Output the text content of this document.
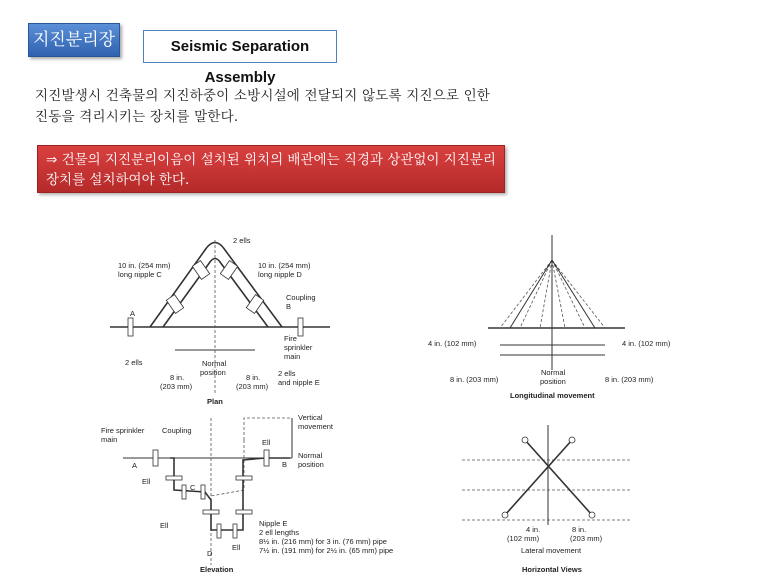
지진분리장치
Seismic Separation Assembly
지진발생시 건축물의 지진하중이 소방시설에 전달되지 않도록 지진으로 인한 진동을 격리시키는 장치를 말한다.
⇒ 건물의 지진분리이음이 설치된 위치의 배관에는 직경과 상관없이 지진분리장치를 설치하여야 한다.
2 ells
10 in. (254 mm)
long nipple C
10 in. (254 mm)
long nipple D
Coupling
B
A
Fire
sprinkler
main
2 ells	Normal
position
8 in.
(203 mm)
8 in.
(203 mm)
2 ells
and nipple E
Plan
4 in. (102 mm)	4 in. (102 mm)
8 in. (203 mm)	8 in. (203 mm)
Normal
position
Longitudinal movement
Fire sprinkler
main
Coupling
Vertical
movement
Ell
Normal
position
A	B
C
D
Ell
Ell
Ell
Nipple E
2 ell lengths
8½ in. (216 mm) for 3 in. (76 mm) pipe
7½ in. (191 mm) for 2½ in. (65 mm) pipe
Elevation
4 in.
(102 mm)
8 in.
(203 mm)
Lateral movement
Horizontal Views
